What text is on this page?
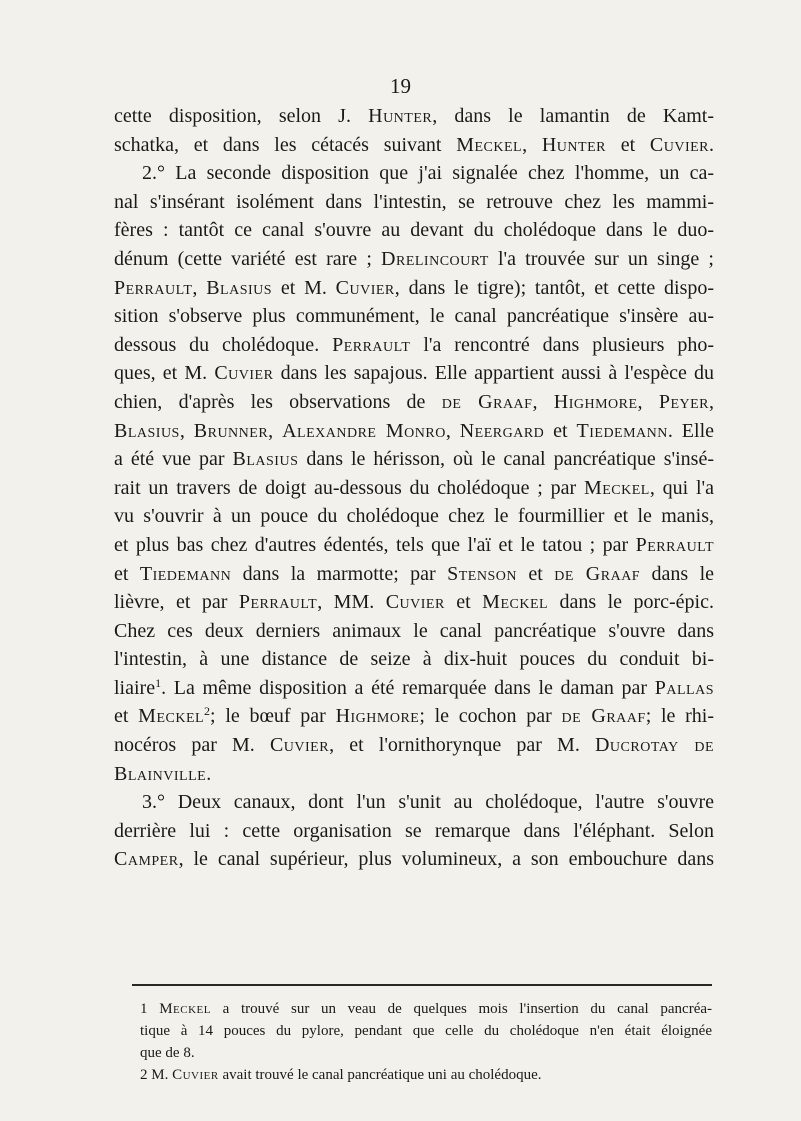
19
cette disposition, selon J. Hunter, dans le lamantin de Kamt-
schatka, et dans les cétacés suivant Meckel, Hunter et Cuvier.
2.° La seconde disposition que j'ai signalée chez l'homme, un ca-
nal s'insérant isolément dans l'intestin, se retrouve chez les mammi-
fères : tantôt ce canal s'ouvre au devant du cholédoque dans le duo-
dénum (cette variété est rare ; Drelincourt l'a trouvée sur un singe ;
Perrault, Blasius et M. Cuvier, dans le tigre); tantôt, et cette dispo-
sition s'observe plus communément, le canal pancréatique s'insère au-
dessous du cholédoque. Perrault l'a rencontré dans plusieurs pho-
ques, et M. Cuvier dans les sapajous. Elle appartient aussi à l'espèce du
chien, d'après les observations de de Graaf, Highmore, Peyer,
Blasius, Brunner, Alexandre Monro, Neergard et Tiedemann. Elle
a été vue par Blasius dans le hérisson, où le canal pancréatique s'insé-
rait un travers de doigt au-dessous du cholédoque ; par Meckel, qui l'a
vu s'ouvrir à un pouce du cholédoque chez le fourmillier et le manis,
et plus bas chez d'autres édentés, tels que l'aï et le tatou ; par Perrault
et Tiedemann dans la marmotte; par Stenson et de Graaf dans le
lièvre, et par Perrault, MM. Cuvier et Meckel dans le porc-épic.
Chez ces deux derniers animaux le canal pancréatique s'ouvre dans
l'intestin, à une distance de seize à dix-huit pouces du conduit bi-
liaire$^1$. La même disposition a été remarquée dans le daman par Pallas
et Meckel$^2$; le bœuf par Highmore; le cochon par de Graaf; le rhi-
nocéros par M. Cuvier, et l'ornithorynque par M. Ducrotay de
Blainville.
3.° Deux canaux, dont l'un s'unit au cholédoque, l'autre s'ouvre
derrière lui : cette organisation se remarque dans l'éléphant. Selon
Camper, le canal supérieur, plus volumineux, a son embouchure dans
1 Meckel a trouvé sur un veau de quelques mois l'insertion du canal pancréa-
tique à 14 pouces du pylore, pendant que celle du cholédoque n'en était éloignée
que de 8.
2 M. Cuvier avait trouvé le canal pancréatique uni au cholédoque.
